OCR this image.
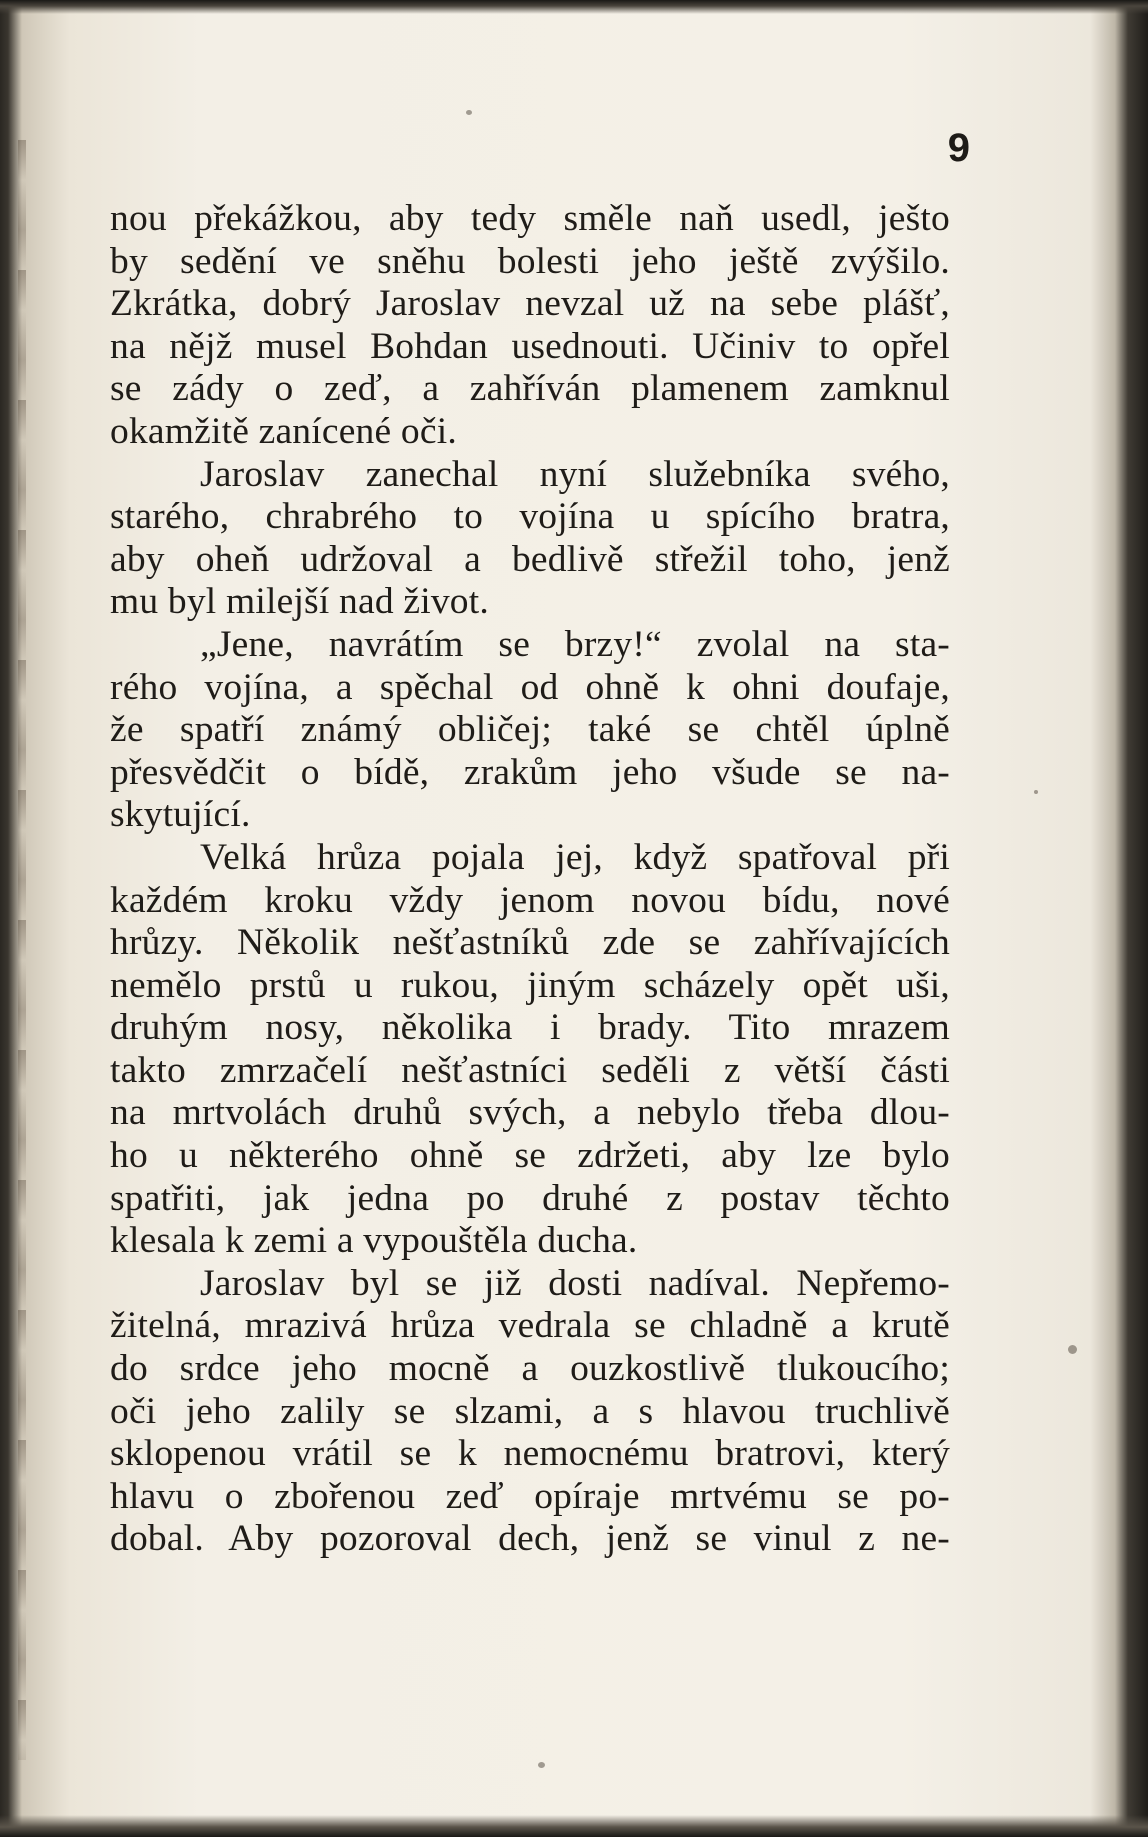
9
nou překážkou, aby tedy směle naň usedl, ješto
by sedění ve sněhu bolesti jeho ještě zvýšilo.
Zkrátka, dobrý Jaroslav nevzal už na sebe plášť,
na nějž musel Bohdan usednouti. Učiniv to opřel
se zády o zeď, a zahříván plamenem zamknul
okamžitě zanícené oči.
Jaroslav zanechal nyní služebníka svého,
starého, chrabrého to vojína u spícího bratra,
aby oheň udržoval a bedlivě střežil toho, jenž
mu byl milejší nad život.
„Jene, navrátím se brzy!“ zvolal na sta-
rého vojína, a spěchal od ohně k ohni doufaje,
že spatří známý obličej; také se chtěl úplně
přesvědčit o bídě, zrakům jeho všude se na-
skytující.
Velká hrůza pojala jej, když spatřoval při
každém kroku vždy jenom novou bídu, nové
hrůzy. Několik nešťastníků zde se zahřívajících
nemělo prstů u rukou, jiným scházely opět uši,
druhým nosy, několika i brady. Tito mrazem
takto zmrzačelí nešťastníci seděli z větší části
na mrtvolách druhů svých, a nebylo třeba dlou-
ho u některého ohně se zdržeti, aby lze bylo
spatřiti, jak jedna po druhé z postav těchto
klesala k zemi a vypouštěla ducha.
Jaroslav byl se již dosti nadíval. Nepřemo-
žitelná, mrazivá hrůza vedrala se chladně a krutě
do srdce jeho mocně a ouzkostlivě tlukoucího;
oči jeho zalily se slzami, a s hlavou truchlivě
sklopenou vrátil se k nemocnému bratrovi, který
hlavu o zbořenou zeď opíraje mrtvému se po-
dobal. Aby pozoroval dech, jenž se vinul z ne-
